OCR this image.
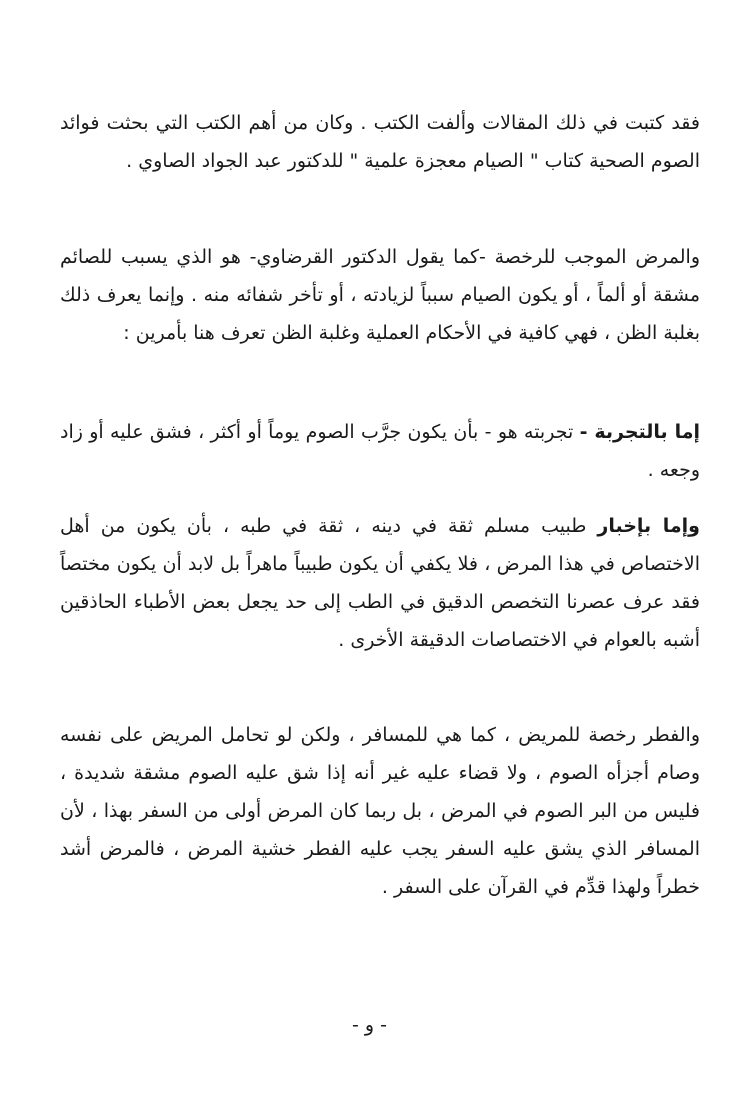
فقد كتبت في ذلك المقالات وألفت الكتب . وكان من أهم الكتب التي بحثت فوائد الصوم الصحية كتاب " الصيام معجزة علمية " للدكتور عبد الجواد الصاوي .

والمرض الموجب للرخصة -كما يقول الدكتور القرضاوي- هو الذي يسبب للصائم مشقة أو ألماً ، أو يكون الصيام سبباً لزيادته ، أو تأخر شفائه منه . وإنما يعرف ذلك بغلبة الظن ، فهي كافية في الأحكام العملية وغلبة الظن تعرف هنا بأمرين :

إما بالتجربة - تجربته هو - بأن يكون جرَّب الصوم يوماً أو أكثر ، فشق عليه أو زاد وجعه .

وإما بإخبار طبيب مسلم ثقة في دينه ، ثقة في طبه ، بأن يكون من أهل الاختصاص في هذا المرض ، فلا يكفي أن يكون طبيباً ماهراً بل لابد أن يكون مختصاً فقد عرف عصرنا التخصص الدقيق في الطب إلى حد يجعل بعض الأطباء الحاذقين أشبه بالعوام في الاختصاصات الدقيقة الأخرى .

والفطر رخصة للمريض ، كما هي للمسافر ، ولكن لو تحامل المريض على نفسه وصام أجزأه الصوم ، ولا قضاء عليه غير أنه إذا شق عليه الصوم مشقة شديدة ، فليس من البر الصوم في المرض ، بل ربما كان المرض أولى من السفر بهذا ، لأن المسافر الذي يشق عليه السفر يجب عليه الفطر خشية المرض ، فالمرض أشد خطراً ولهذا قدِّم في القرآن على السفر .

- و -
